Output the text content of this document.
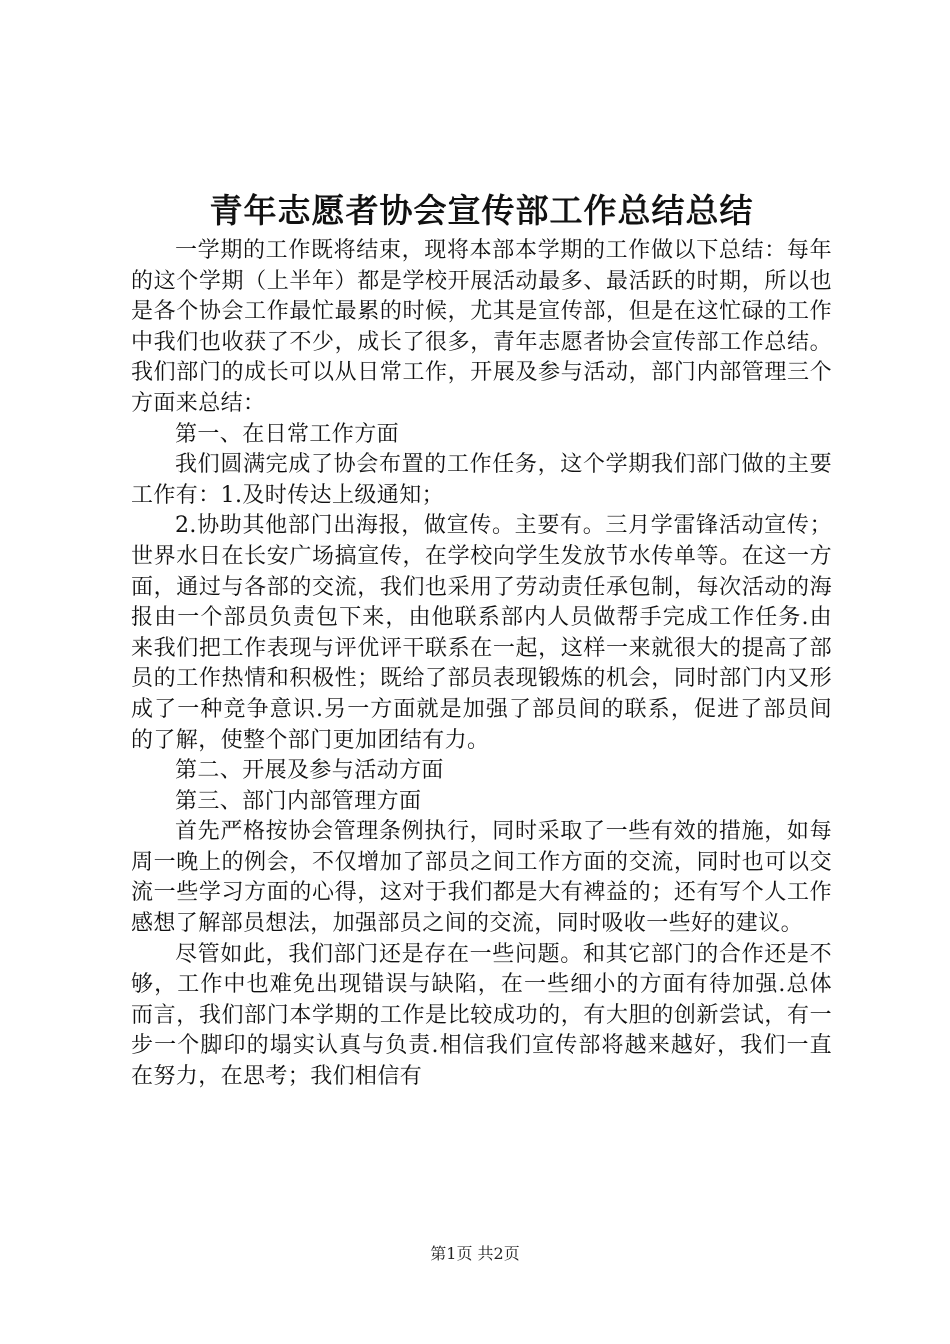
青年志愿者协会宣传部工作总结总结

一学期的工作既将结束，现将本部本学期的工作做以下总结：每年的这个学期（上半年）都是学校开展活动最多、最活跃的时期，所以也是各个协会工作最忙最累的时候，尤其是宣传部，但是在这忙碌的工作中我们也收获了不少，成长了很多，青年志愿者协会宣传部工作总结。我们部门的成长可以从日常工作，开展及参与活动，部门内部管理三个方面来总结：

第一、在日常工作方面

我们圆满完成了协会布置的工作任务，这个学期我们部门做的主要工作有：1.及时传达上级通知；

2.协助其他部门出海报，做宣传。主要有。三月学雷锋活动宣传；世界水日在长安广场搞宣传，在学校向学生发放节水传单等。在这一方面，通过与各部的交流，我们也采用了劳动责任承包制，每次活动的海报由一个部员负责包下来，由他联系部内人员做帮手完成工作任务.由来我们把工作表现与评优评干联系在一起，这样一来就很大的提高了部员的工作热情和积极性；既给了部员表现锻炼的机会，同时部门内又形成了一种竞争意识.另一方面就是加强了部员间的联系，促进了部员间的了解，使整个部门更加团结有力。

第二、开展及参与活动方面

第三、部门内部管理方面

首先严格按协会管理条例执行，同时采取了一些有效的措施，如每周一晚上的例会，不仅增加了部员之间工作方面的交流，同时也可以交流一些学习方面的心得，这对于我们都是大有裨益的；还有写个人工作感想了解部员想法，加强部员之间的交流，同时吸收一些好的建议。

尽管如此，我们部门还是存在一些问题。和其它部门的合作还是不够，工作中也难免出现错误与缺陷，在一些细小的方面有待加强.总体而言，我们部门本学期的工作是比较成功的，有大胆的创新尝试，有一步一个脚印的塌实认真与负责.相信我们宣传部将越来越好，我们一直在努力，在思考；我们相信有

第1页 共2页
